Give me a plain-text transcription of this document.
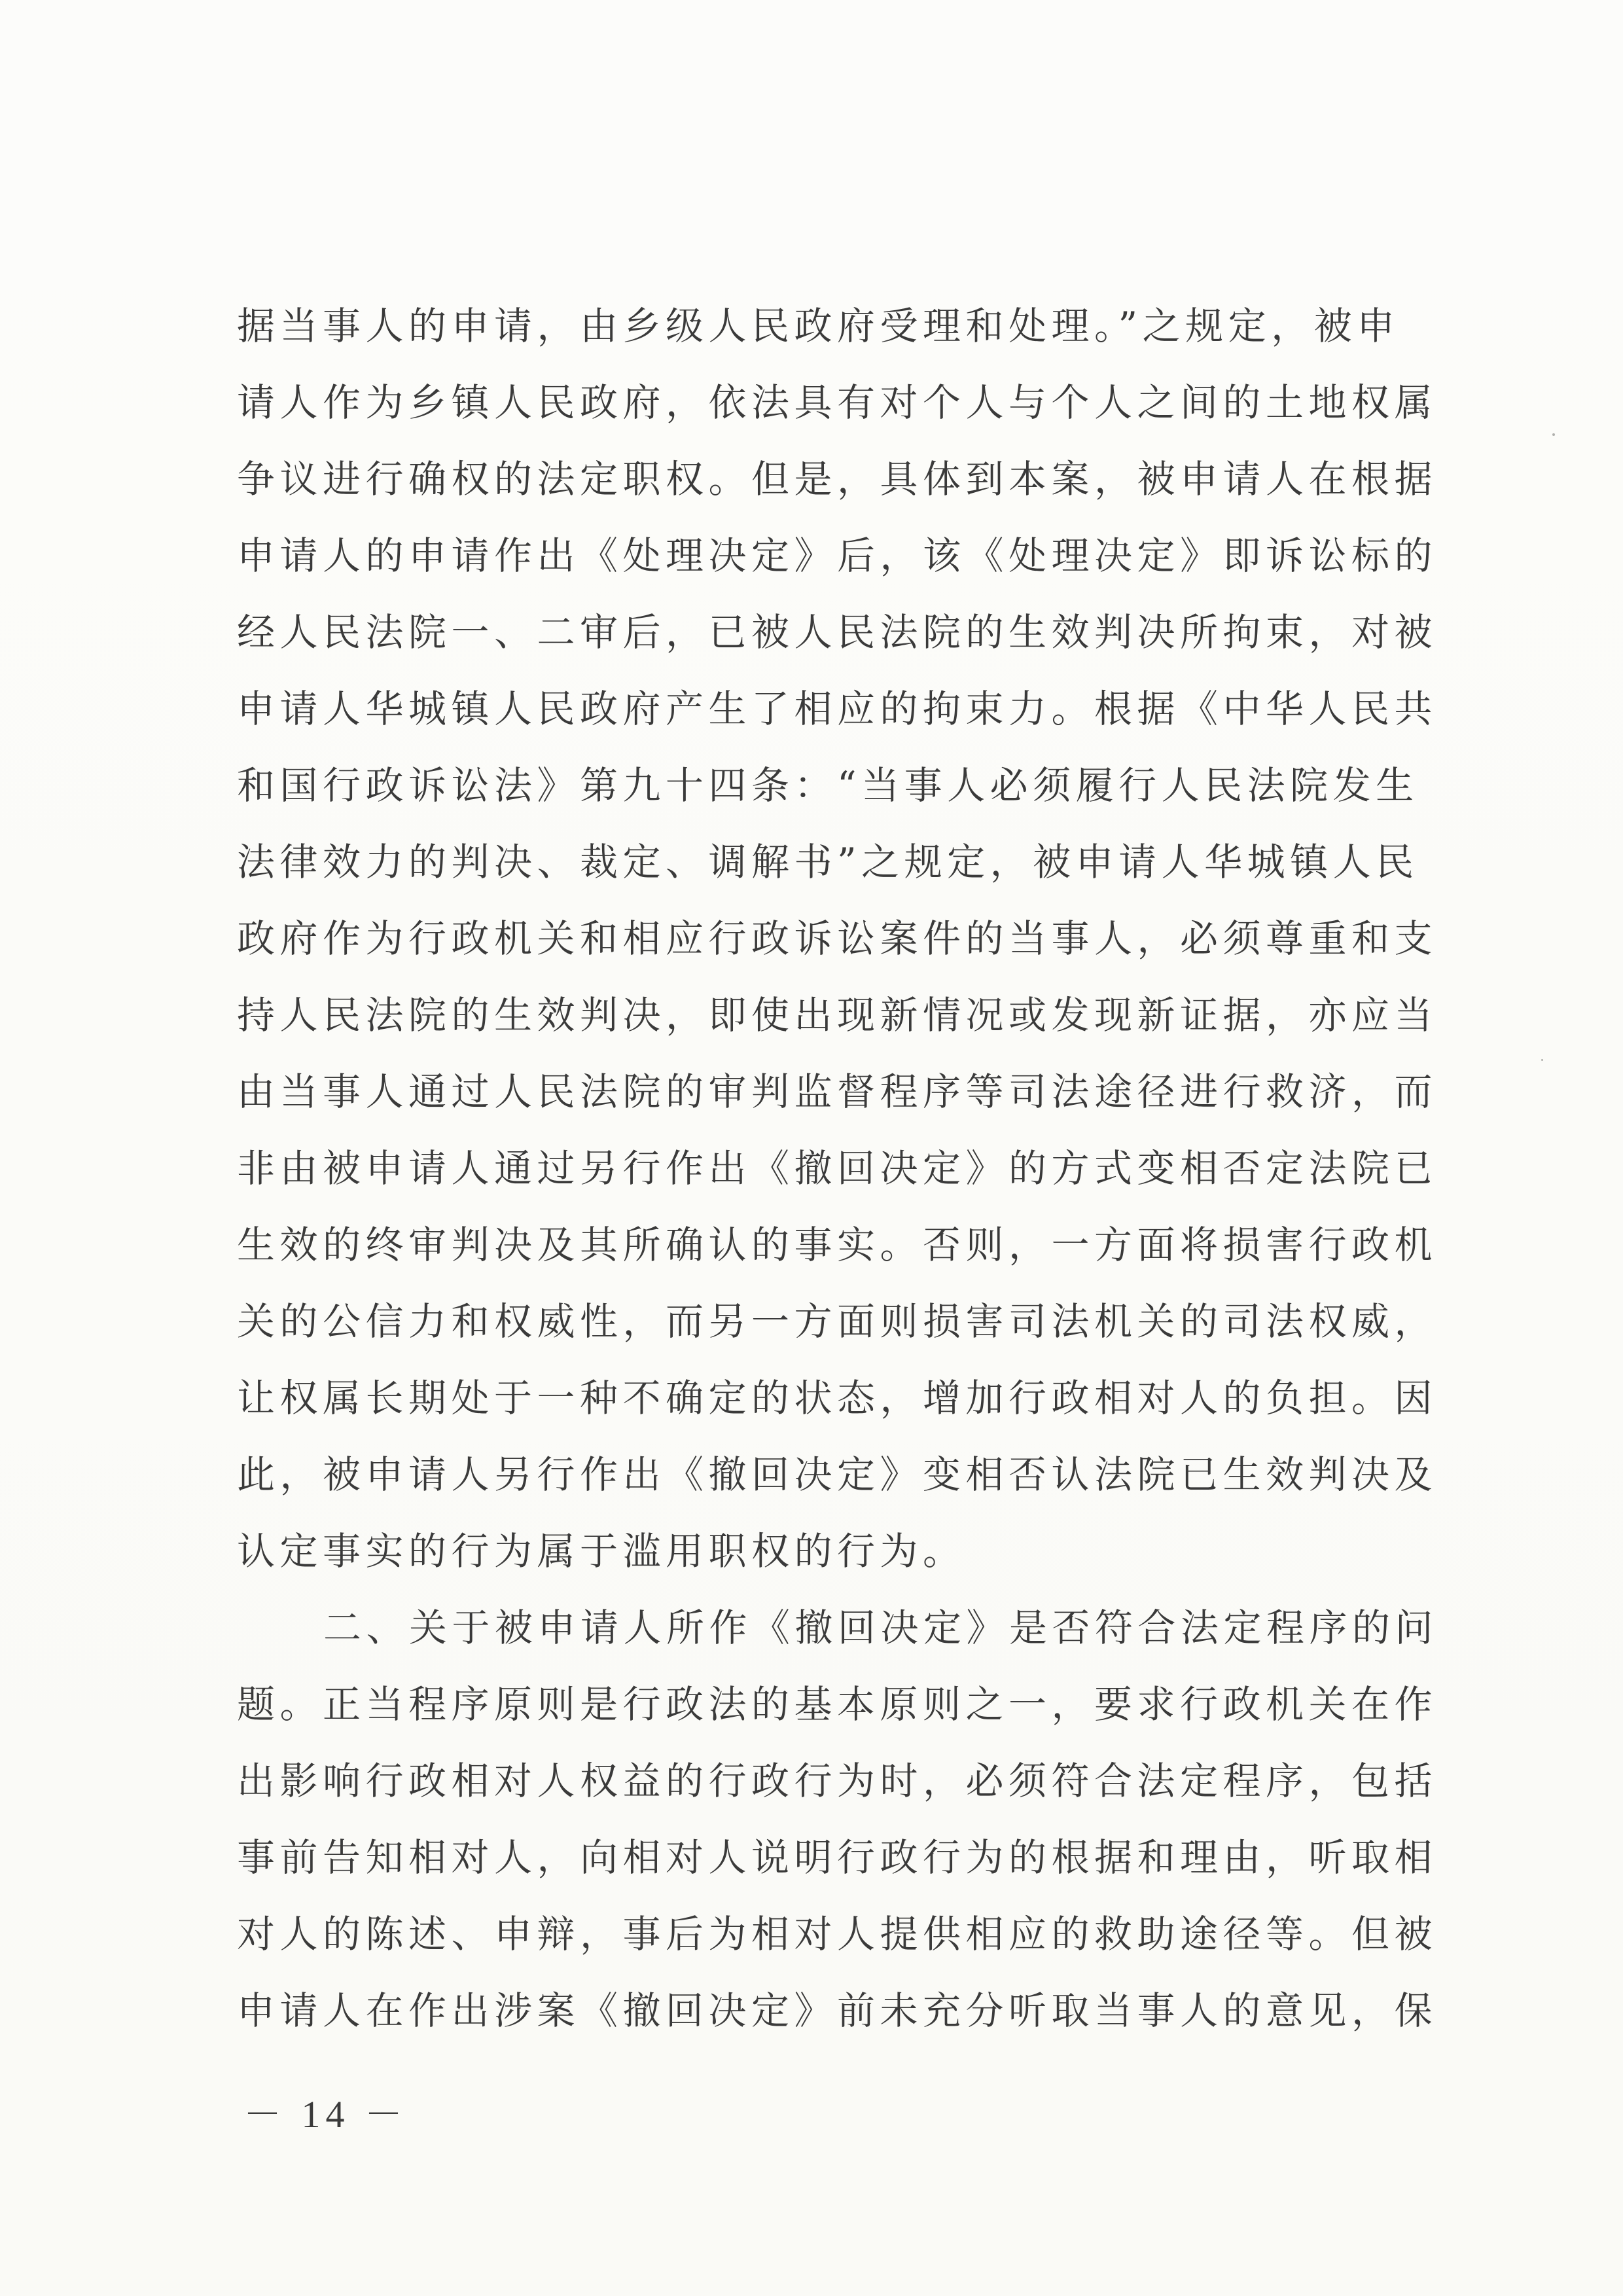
据当事人的申请，由乡级人民政府受理和处理。”之规定，被申
请人作为乡镇人民政府，依法具有对个人与个人之间的土地权属
争议进行确权的法定职权。但是，具体到本案，被申请人在根据
申请人的申请作出《处理决定》后，该《处理决定》即诉讼标的
经人民法院一、二审后，已被人民法院的生效判决所拘束，对被
申请人华城镇人民政府产生了相应的拘束力。根据《中华人民共
和国行政诉讼法》第九十四条：“当事人必须履行人民法院发生
法律效力的判决、裁定、调解书”之规定，被申请人华城镇人民
政府作为行政机关和相应行政诉讼案件的当事人，必须尊重和支
持人民法院的生效判决，即使出现新情况或发现新证据，亦应当
由当事人通过人民法院的审判监督程序等司法途径进行救济，而
非由被申请人通过另行作出《撤回决定》的方式变相否定法院已
生效的终审判决及其所确认的事实。否则，一方面将损害行政机
关的公信力和权威性，而另一方面则损害司法机关的司法权威，
让权属长期处于一种不确定的状态，增加行政相对人的负担。因
此，被申请人另行作出《撤回决定》变相否认法院已生效判决及
认定事实的行为属于滥用职权的行为。
二、关于被申请人所作《撤回决定》是否符合法定程序的问
题。正当程序原则是行政法的基本原则之一，要求行政机关在作
出影响行政相对人权益的行政行为时，必须符合法定程序，包括
事前告知相对人，向相对人说明行政行为的根据和理由，听取相
对人的陈述、申辩，事后为相对人提供相应的救助途径等。但被
申请人在作出涉案《撤回决定》前未充分听取当事人的意见，保
－ 14 －
